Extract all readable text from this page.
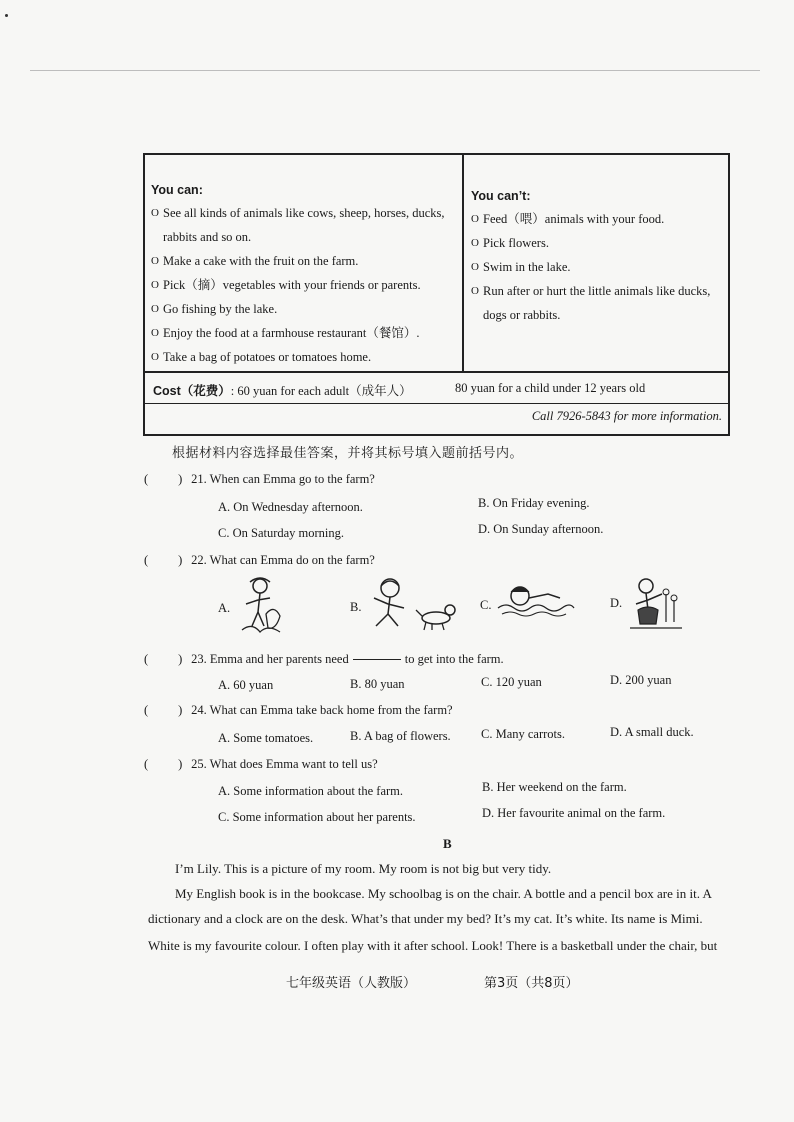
You can:
O See all kinds of animals like cows, sheep, horses, ducks, rabbits and so on.
O Make a cake with the fruit on the farm.
O Pick（摘）vegetables with your friends or parents.
O Go fishing by the lake.
O Enjoy the food at a farmhouse restaurant（餐馆）.
O Take a bag of potatoes or tomatoes home.
You can’t:
O Feed（喂）animals with your food.
O Pick flowers.
O Swim in the lake.
O Run after or hurt the little animals like ducks, dogs or rabbits.
Cost（花费）: 60 yuan for each adult（成年人）	80 yuan for a child under 12 years old
Call 7926-5843 for more information.
根据材料内容选择最佳答案，并将其标号填入题前括号内。
( ) 21. When can Emma go to the farm?
A. On Wednesday afternoon.	B. On Friday evening.
C. On Saturday morning.	D. On Sunday afternoon.
( ) 22. What can Emma do on the farm?
A.	B.	C.	D.
( ) 23. Emma and her parents need	to get into the farm.
A. 60 yuan	B. 80 yuan	C. 120 yuan	D. 200 yuan
( ) 24. What can Emma take back home from the farm?
A. Some tomatoes.	B. A bag of flowers. C. Many carrots.	D. A small duck.
( ) 25. What does Emma want to tell us?
A. Some information about the farm.	B. Her weekend on the farm.
C. Some information about her parents.	D. Her favourite animal on the farm.
B
I’m Lily. This is a picture of my room. My room is not big but very tidy.
My English book is in the bookcase. My schoolbag is on the chair. A bottle and a pencil box are in it. A
dictionary and a clock are on the desk. What’s that under my bed? It’s my cat. It’s white. Its name is Mimi.
White is my favourite colour. I often play with it after school. Look! There is a basketball under the chair, but
七年级英语（人教版）	第3页（共8页）
